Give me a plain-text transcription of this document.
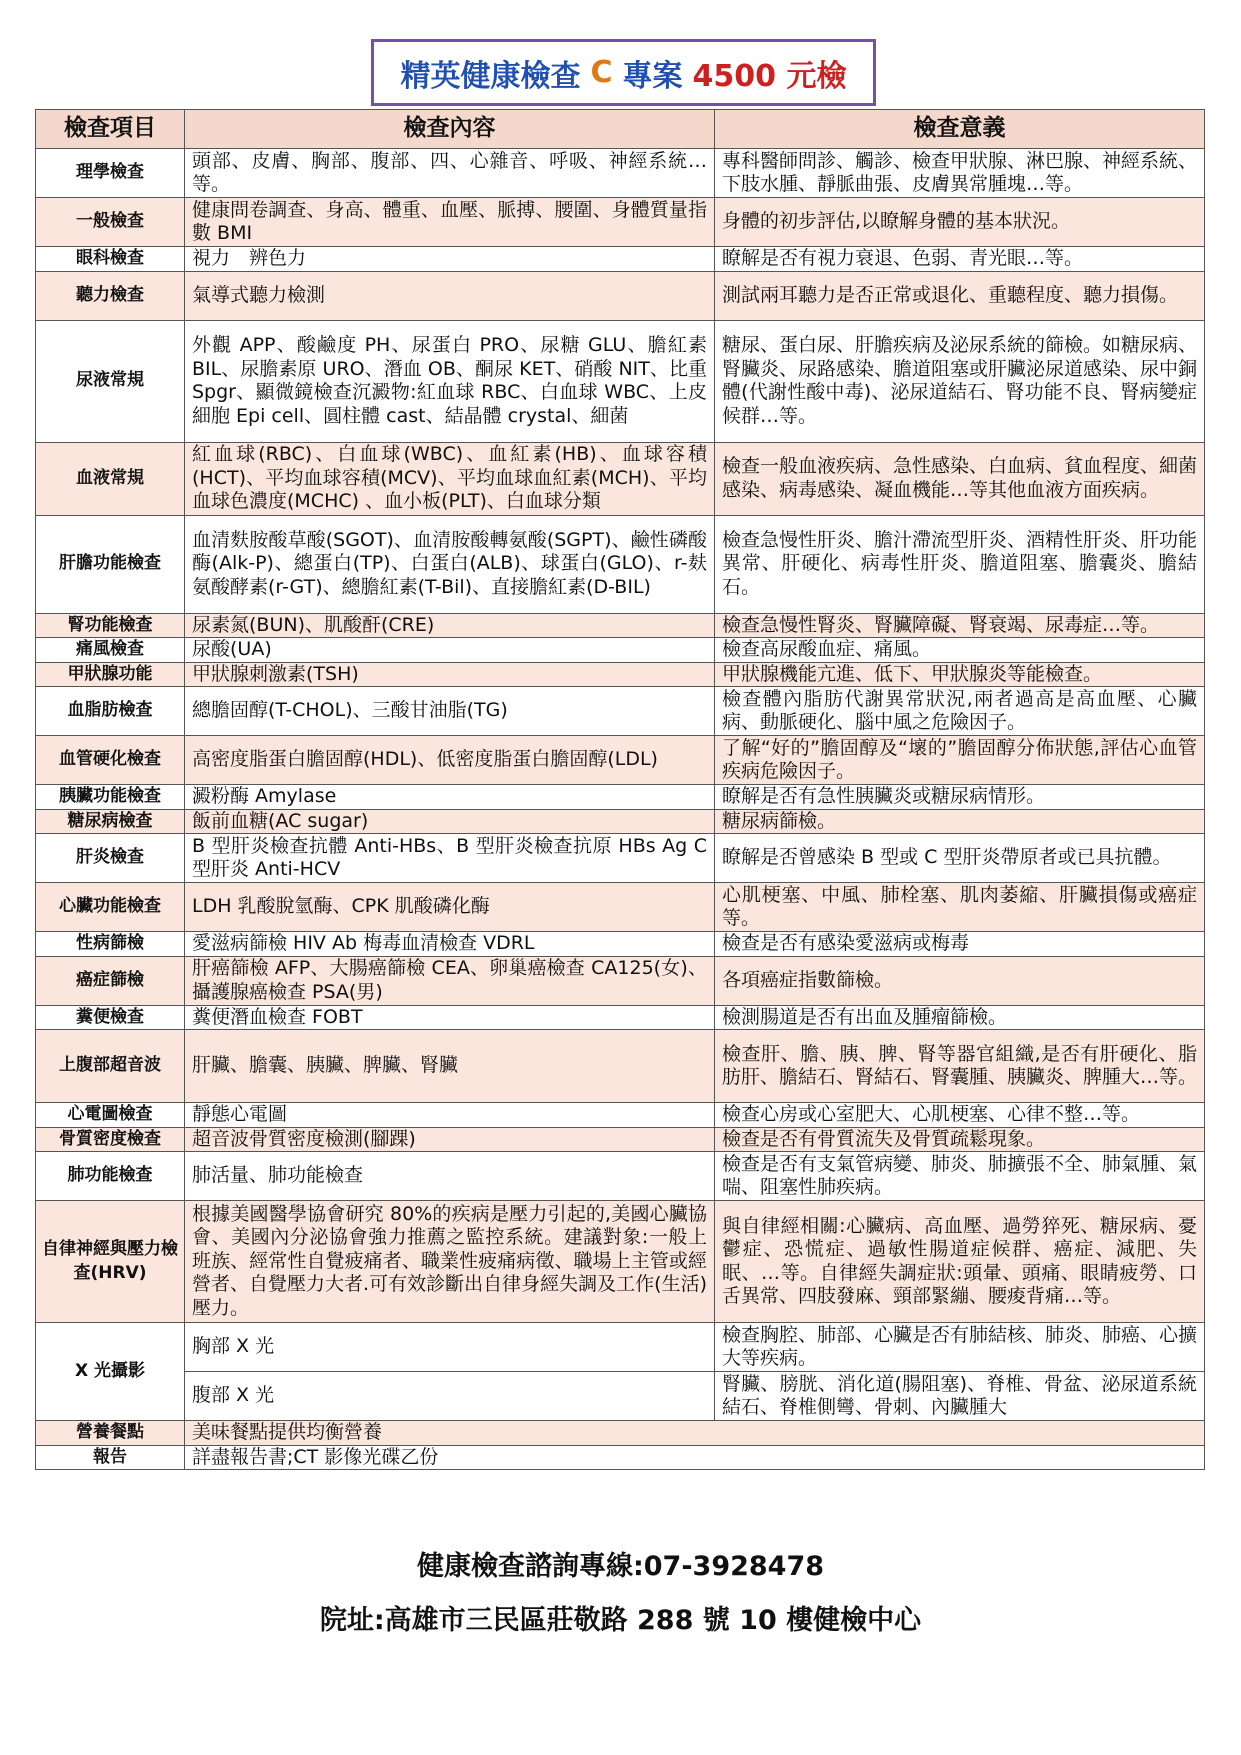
精英健康檢查 C 專案 4500 元檢
檢查項目	檢查內容	檢查意義
理學檢查	頭部、皮膚、胸部、腹部、四、心雜音、呼吸、神經系統…等。	專科醫師問診、觸診、檢查甲狀腺、淋巴腺、神經系統、下肢水腫、靜脈曲張、皮膚異常腫塊…等。
一般檢查	健康問卷調查、身高、體重、血壓、脈搏、腰圍、身體質量指數 BMI	身體的初步評估,以瞭解身體的基本狀況。
眼科檢查	視力　辨色力	瞭解是否有視力衰退、色弱、青光眼…等。
聽力檢查	氣導式聽力檢測	測試兩耳聽力是否正常或退化、重聽程度、聽力損傷。
尿液常規	外觀 APP、酸鹼度 PH、尿蛋白 PRO、尿糖 GLU、膽紅素 BIL、尿膽素原 URO、潛血 OB、酮尿 KET、硝酸 NIT、比重 Spgr、顯微鏡檢查沉澱物:紅血球 RBC、白血球 WBC、上皮細胞 Epi cell、圓柱體 cast、結晶體 crystal、細菌	糖尿、蛋白尿、肝膽疾病及泌尿系統的篩檢。如糖尿病、腎臟炎、尿路感染、膽道阻塞或肝臟泌尿道感染、尿中銅體(代謝性酸中毒)、泌尿道結石、腎功能不良、腎病變症候群…等。
血液常規	紅血球(RBC)、白血球(WBC)、血紅素(HB)、血球容積(HCT)、平均血球容積(MCV)、平均血球血紅素(MCH)、平均血球色濃度(MCHC) 、血小板(PLT)、白血球分類	檢查一般血液疾病、急性感染、白血病、貧血程度、細菌感染、病毒感染、凝血機能…等其他血液方面疾病。
肝膽功能檢查	血清麩胺酸草酸(SGOT)、血清胺酸轉氨酸(SGPT)、鹼性磷酸酶(Alk-P)、總蛋白(TP)、白蛋白(ALB)、球蛋白(GLO)、r-麸氨酸酵素(r-GT)、總膽紅素(T-Bil)、直接膽紅素(D-BIL)	檢查急慢性肝炎、膽汁滯流型肝炎、酒精性肝炎、肝功能異常、肝硬化、病毒性肝炎、膽道阻塞、膽囊炎、膽結石。
腎功能檢查	尿素氮(BUN)、肌酸酐(CRE)	檢查急慢性腎炎、腎臟障礙、腎衰竭、尿毒症…等。
痛風檢查	尿酸(UA)	檢查高尿酸血症、痛風。
甲狀腺功能	甲狀腺刺激素(TSH)	甲狀腺機能亢進、低下、甲狀腺炎等能檢查。
血脂肪檢查	總膽固醇(T-CHOL)、三酸甘油脂(TG)	檢查體內脂肪代謝異常狀況,兩者過高是高血壓、心臟病、動脈硬化、腦中風之危險因子。
血管硬化檢查	高密度脂蛋白膽固醇(HDL)、低密度脂蛋白膽固醇(LDL)	了解“好的”膽固醇及“壞的”膽固醇分佈狀態,評估心血管疾病危險因子。
胰臟功能檢查	澱粉酶 Amylase	瞭解是否有急性胰臟炎或糖尿病情形。
糖尿病檢查	飯前血糖(AC sugar)	糖尿病篩檢。
肝炎檢查	B 型肝炎檢查抗體 Anti-HBs、B 型肝炎檢查抗原 HBs Ag C 型肝炎 Anti-HCV	瞭解是否曾感染 B 型或 C 型肝炎帶原者或已具抗體。
心臟功能檢查	LDH 乳酸脫氫酶、CPK 肌酸磷化酶	心肌梗塞、中風、肺栓塞、肌肉萎縮、肝臟損傷或癌症等。
性病篩檢	愛滋病篩檢 HIV Ab 梅毒血清檢查 VDRL	檢查是否有感染愛滋病或梅毒
癌症篩檢	肝癌篩檢 AFP、大腸癌篩檢 CEA、卵巢癌檢查 CA125(女)、攝護腺癌檢查 PSA(男)	各項癌症指數篩檢。
糞便檢查	糞便潛血檢查 FOBT	檢測腸道是否有出血及腫瘤篩檢。
上腹部超音波	肝臟、膽囊、胰臟、脾臟、腎臟	檢查肝、膽、胰、脾、腎等器官組織,是否有肝硬化、脂肪肝、膽結石、腎結石、腎囊腫、胰臟炎、脾腫大…等。
心電圖檢查	靜態心電圖	檢查心房或心室肥大、心肌梗塞、心律不整…等。
骨質密度檢查	超音波骨質密度檢測(腳踝)	檢查是否有骨質流失及骨質疏鬆現象。
肺功能檢查	肺活量、肺功能檢查	檢查是否有支氣管病變、肺炎、肺擴張不全、肺氣腫、氣喘、阻塞性肺疾病。
自律神經與壓力檢查(HRV)	根據美國醫學協會研究 80%的疾病是壓力引起的,美國心臟協會、美國內分泌協會強力推薦之監控系統。建議對象:一般上班族、經常性自覺疲痛者、職業性疲痛病徵、職場上主管或經營者、自覺壓力大者.可有效診斷出自律身經失調及工作(生活)壓力。	與自律經相關:心臟病、高血壓、過勞猝死、糖尿病、憂鬱症、恐慌症、過敏性腸道症候群、癌症、減肥、失眠、…等。自律經失調症狀:頭暈、頭痛、眼睛疲勞、口舌異常、四肢發麻、頸部緊繃、腰痠背痛…等。
X 光攝影	胸部 X 光	檢查胸腔、肺部、心臟是否有肺結核、肺炎、肺癌、心擴大等疾病。
	腹部 X 光	腎臟、膀胱、消化道(腸阻塞)、脊椎、骨盆、泌尿道系統結石、脊椎側彎、骨刺、內臟腫大
營養餐點	美味餐點提供均衡營養	
報告	詳盡報告書;CT 影像光碟乙份	
健康檢查諮詢專線:07-3928478
院址:高雄市三民區莊敬路 288 號 10 樓健檢中心
